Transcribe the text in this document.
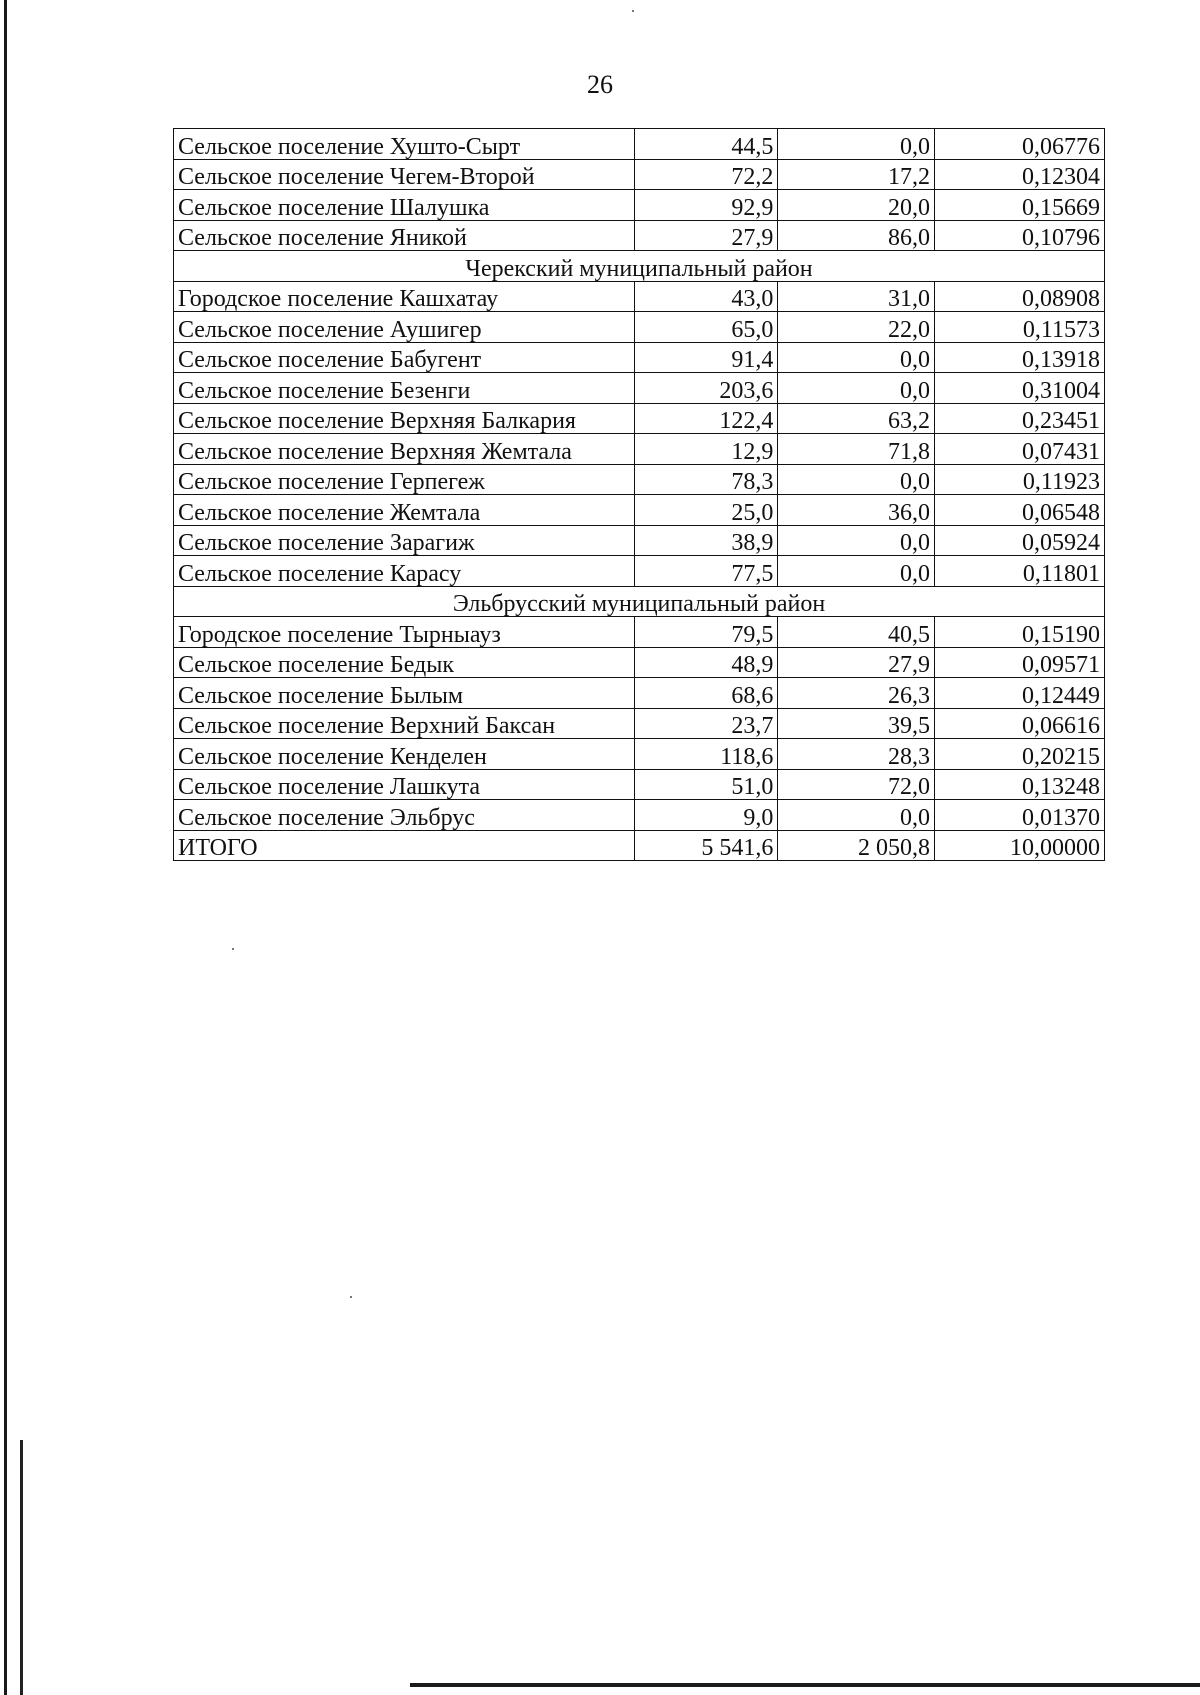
26
Сельское поселение Хушто-Сырт	44,5	0,0	0,06776
Сельское поселение Чегем-Второй	72,2	17,2	0,12304
Сельское поселение Шалушка	92,9	20,0	0,15669
Сельское поселение Яникой	27,9	86,0	0,10796
Черекский муниципальный район			
Городское поселение Кашхатау	43,0	31,0	0,08908
Сельское поселение Аушигер	65,0	22,0	0,11573
Сельское поселение Бабугент	91,4	0,0	0,13918
Сельское поселение Безенги	203,6	0,0	0,31004
Сельское поселение Верхняя Балкария	122,4	63,2	0,23451
Сельское поселение Верхняя Жемтала	12,9	71,8	0,07431
Сельское поселение Герпегеж	78,3	0,0	0,11923
Сельское поселение Жемтала	25,0	36,0	0,06548
Сельское поселение Зарагиж	38,9	0,0	0,05924
Сельское поселение Карасу	77,5	0,0	0,11801
Эльбрусский муниципальный район			
Городское поселение Тырныауз	79,5	40,5	0,15190
Сельское поселение Бедык	48,9	27,9	0,09571
Сельское поселение Былым	68,6	26,3	0,12449
Сельское поселение Верхний Баксан	23,7	39,5	0,06616
Сельское поселение Кенделен	118,6	28,3	0,20215
Сельское поселение Лашкута	51,0	72,0	0,13248
Сельское поселение Эльбрус	9,0	0,0	0,01370
ИТОГО	5 541,6	2 050,8	10,00000
